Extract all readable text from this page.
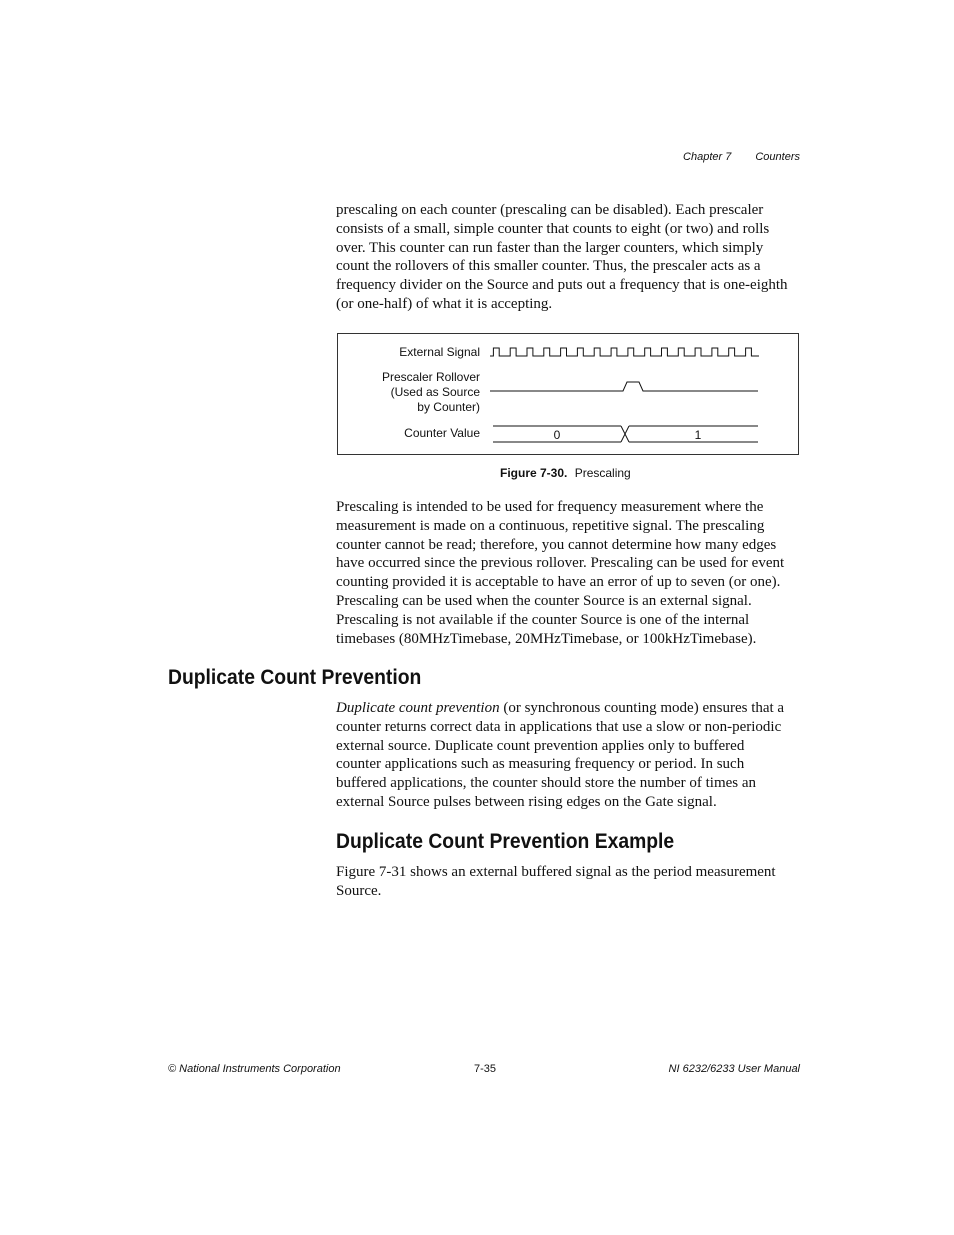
Chapter 7 Counters

prescaling on each counter (prescaling can be disabled). Each prescaler
consists of a small, simple counter that counts to eight (or two) and rolls
over. This counter can run faster than the larger counters, which simply
count the rollovers of this smaller counter. Thus, the prescaler acts as a
frequency divider on the Source and puts out a frequency that is one-eighth
(or one-half) of what it is accepting.

External Signal
Prescaler Rollover
(Used as Source
by Counter)
Counter Value	0	1
Figure 7-30. Prescaling

Prescaling is intended to be used for frequency measurement where the
measurement is made on a continuous, repetitive signal. The prescaling
counter cannot be read; therefore, you cannot determine how many edges
have occurred since the previous rollover. Prescaling can be used for event
counting provided it is acceptable to have an error of up to seven (or one).
Prescaling can be used when the counter Source is an external signal.
Prescaling is not available if the counter Source is one of the internal
timebases (80MHzTimebase, 20MHzTimebase, or 100kHzTimebase).

Duplicate Count Prevention

Duplicate count prevention (or synchronous counting mode) ensures that a
counter returns correct data in applications that use a slow or non-periodic
external source. Duplicate count prevention applies only to buffered
counter applications such as measuring frequency or period. In such
buffered applications, the counter should store the number of times an
external Source pulses between rising edges on the Gate signal.

Duplicate Count Prevention Example

Figure 7-31 shows an external buffered signal as the period measurement
Source.

© National Instruments Corporation	7-35	NI 6232/6233 User Manual
